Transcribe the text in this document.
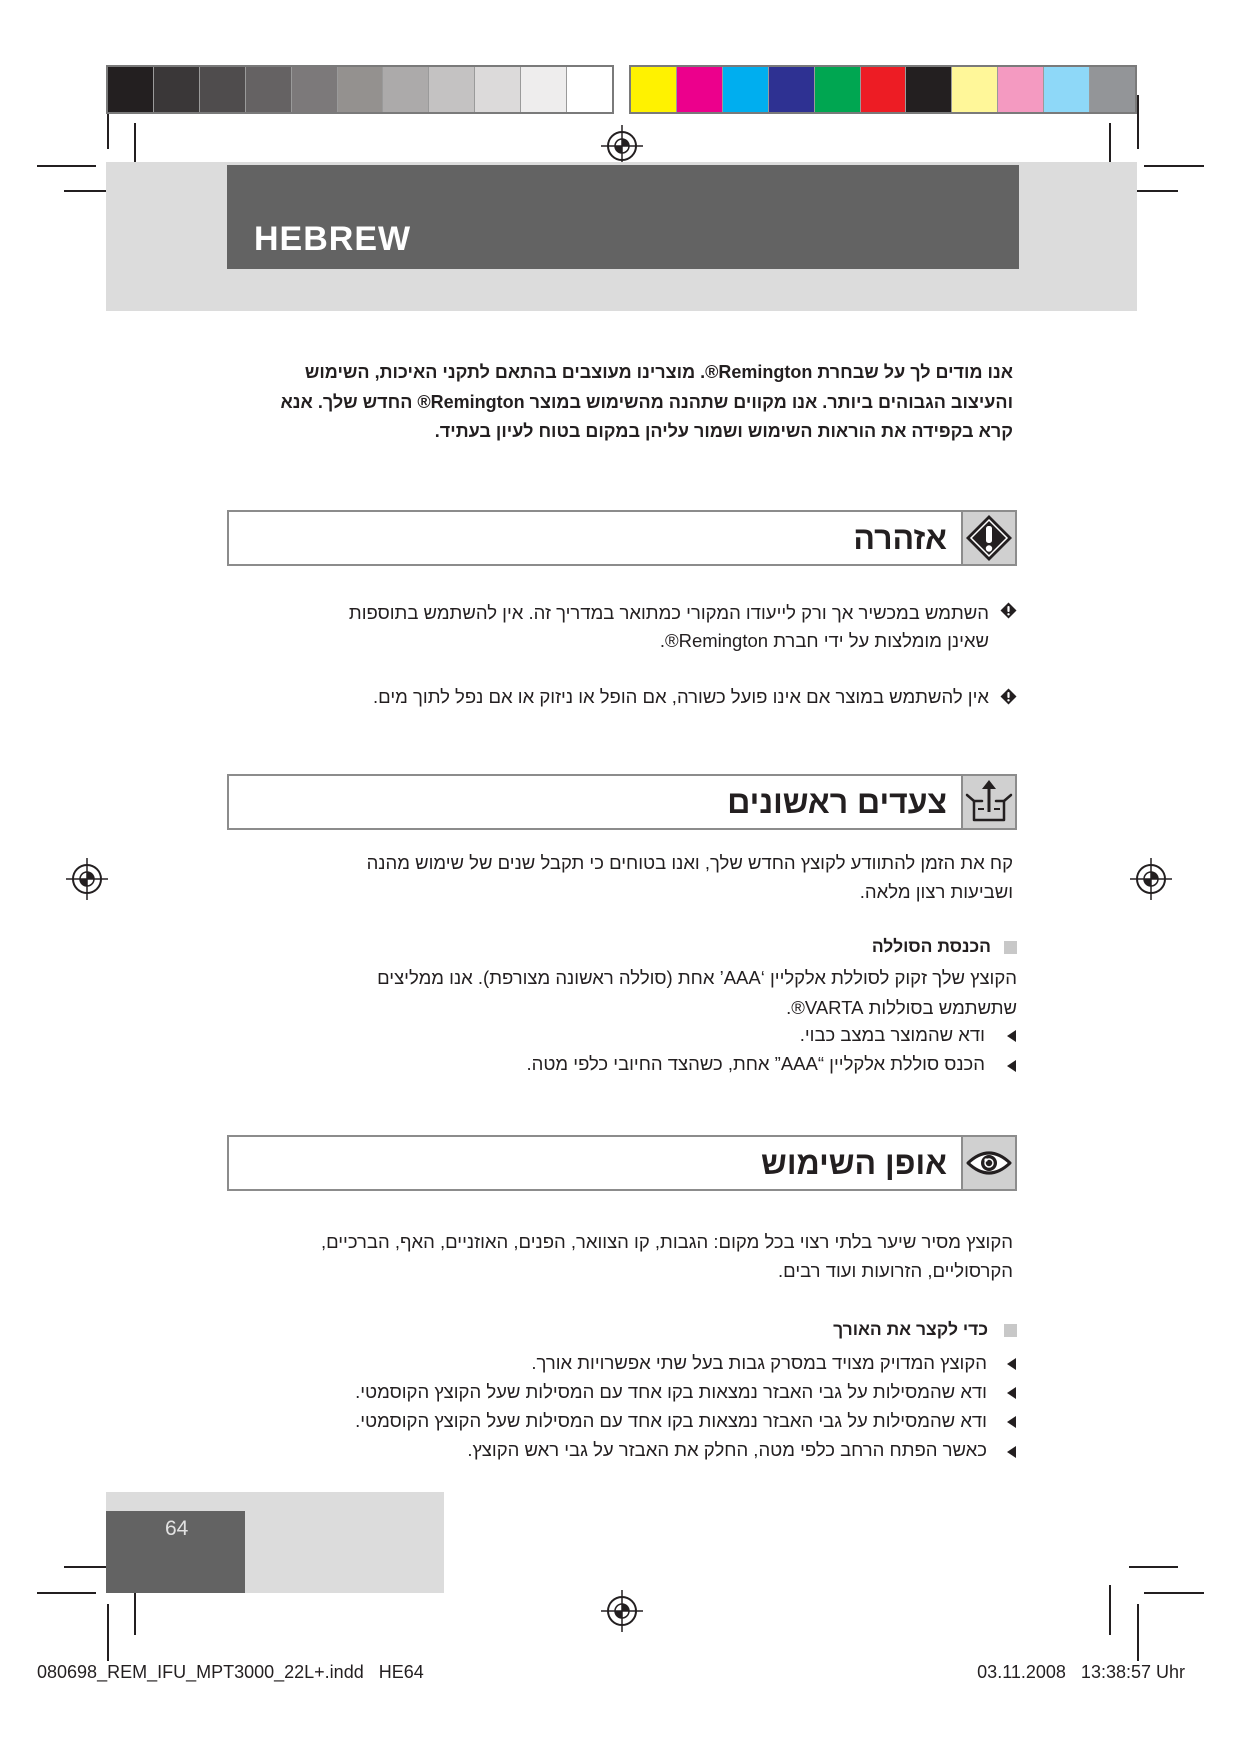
HEBREW
אנו מודים לך על שבחרת Remington®. מוצרינו מעוצבים בהתאם לתקני האיכות, השימוש
והעיצוב הגבוהים ביותר. אנו מקווים שתהנה מהשימוש במוצר Remington® החדש שלך. אנא
קרא בקפידה את הוראות השימוש ושמור עליהן במקום בטוח לעיון בעתיד.
אזהרה
השתמש במכשיר אך ורק לייעודו המקורי כמתואר במדריך זה. אין להשתמש בתוספות
שאינן מומלצות על ידי חברת Remington®.
אין להשתמש במוצר אם אינו פועל כשורה, אם הופל או ניזוק או אם נפל לתוך מים.
צעדים ראשונים
קח את הזמן להתוודע לקוצץ החדש שלך, ואנו בטוחים כי תקבל שנים של שימוש מהנה
ושביעות רצון מלאה.
הכנסת הסוללה
הקוצץ שלך זקוק לסוללת אלקליין ‘AAA’ אחת (סוללה ראשונה מצורפת). אנו ממליצים
שתשתמש בסוללות VARTA®.
ודא שהמוצר במצב כבוי.
הכנס סוללת אלקליין “AAA” אחת, כשהצד החיובי כלפי מטה.
אופן השימוש
הקוצץ מסיר שיער בלתי רצוי בכל מקום: הגבות, קו הצוואר, הפנים, האוזניים, האף, הברכיים,
הקרסוליים, הזרועות ועוד רבים.
כדי לקצר את האורך
הקוצץ המדויק מצויד במסרק גבות בעל שתי אפשרויות אורך.
ודא שהמסילות על גבי האבזר נמצאות בקו אחד עם המסילות שעל הקוצץ הקוסמטי.
ודא שהמסילות על גבי האבזר נמצאות בקו אחד עם המסילות שעל הקוצץ הקוסמטי.
כאשר הפתח הרחב כלפי מטה, החלק את האבזר על גבי ראש הקוצץ.
64
080698_REM_IFU_MPT3000_22L+.indd   HE64	03.11.2008   13:38:57 Uhr
